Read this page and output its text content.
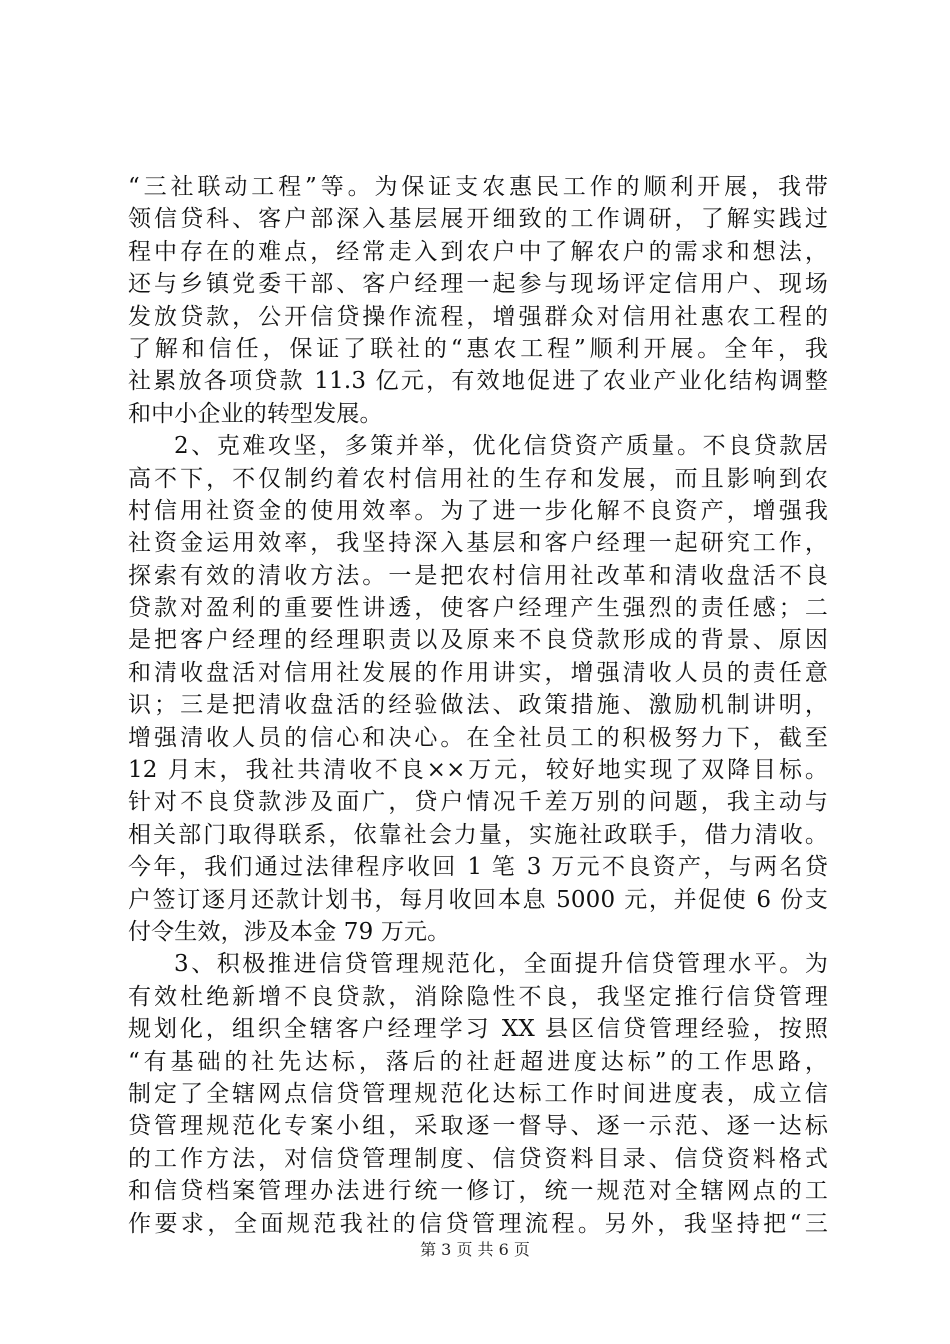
“三社联动工程”等。为保证支农惠民工作的顺利开展，我带
领信贷科、客户部深入基层展开细致的工作调研，了解实践过
程中存在的难点，经常走入到农户中了解农户的需求和想法，
还与乡镇党委干部、客户经理一起参与现场评定信用户、现场
发放贷款，公开信贷操作流程，增强群众对信用社惠农工程的
了解和信任，保证了联社的“惠农工程”顺利开展。全年，我
社累放各项贷款 11.3 亿元，有效地促进了农业产业化结构调整
和中小企业的转型发展。
2、克难攻坚，多策并举，优化信贷资产质量。不良贷款居
高不下，不仅制约着农村信用社的生存和发展，而且影响到农
村信用社资金的使用效率。为了进一步化解不良资产，增强我
社资金运用效率，我坚持深入基层和客户经理一起研究工作，
探索有效的清收方法。一是把农村信用社改革和清收盘活不良
贷款对盈利的重要性讲透，使客户经理产生强烈的责任感；二
是把客户经理的经理职责以及原来不良贷款形成的背景、原因
和清收盘活对信用社发展的作用讲实，增强清收人员的责任意
识；三是把清收盘活的经验做法、政策措施、激励机制讲明，
增强清收人员的信心和决心。在全社员工的积极努力下，截至
12 月末，我社共清收不良××万元，较好地实现了双降目标。
针对不良贷款涉及面广，贷户情况千差万别的问题，我主动与
相关部门取得联系，依靠社会力量，实施社政联手，借力清收。
今年，我们通过法律程序收回 1 笔 3 万元不良资产，与两名贷
户签订逐月还款计划书，每月收回本息 5000 元，并促使 6 份支
付令生效，涉及本金 79 万元。
3、积极推进信贷管理规范化，全面提升信贷管理水平。为
有效杜绝新增不良贷款，消除隐性不良，我坚定推行信贷管理
规划化，组织全辖客户经理学习 XX 县区信贷管理经验，按照
“有基础的社先达标，落后的社赶超进度达标”的工作思路，
制定了全辖网点信贷管理规范化达标工作时间进度表，成立信
贷管理规范化专案小组，采取逐一督导、逐一示范、逐一达标
的工作方法，对信贷管理制度、信贷资料目录、信贷资料格式
和信贷档案管理办法进行统一修订，统一规范对全辖网点的工
作要求，全面规范我社的信贷管理流程。另外，我坚持把“三
第 3 页 共 6 页
